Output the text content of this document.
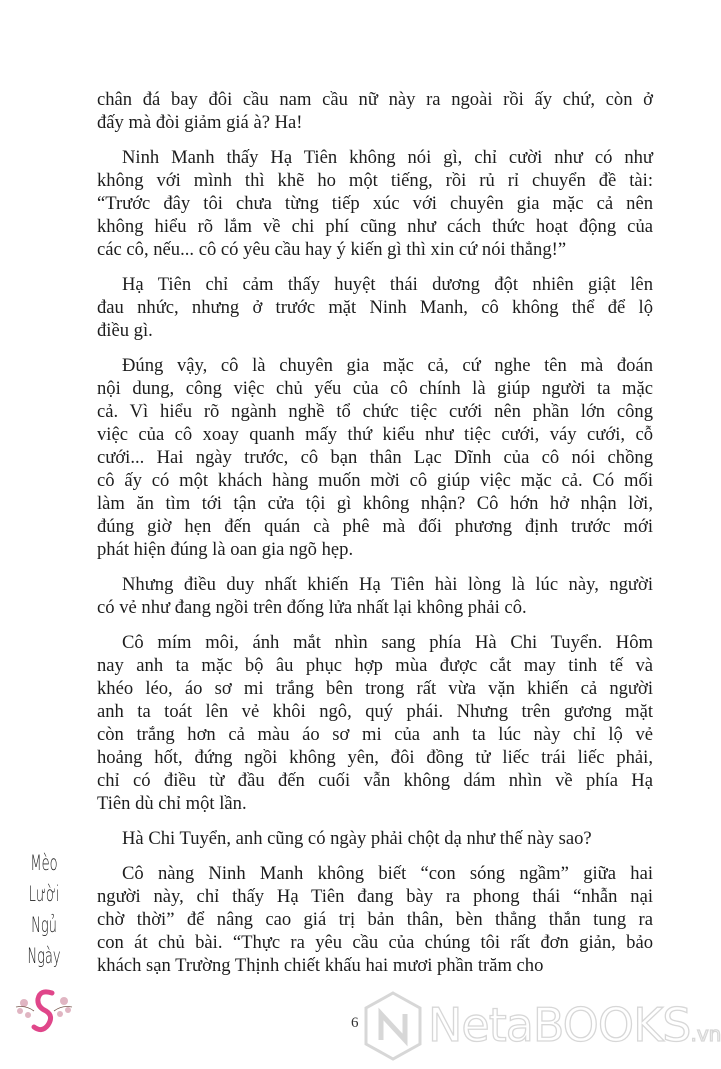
chân đá bay đôi cầu nam cầu nữ này ra ngoài rồi ấy chứ, còn ở
đấy mà đòi giảm giá à? Ha!
Ninh Manh thấy Hạ Tiên không nói gì, chỉ cười như có như
không với mình thì khẽ ho một tiếng, rồi rủ rỉ chuyển đề tài:
“Trước đây tôi chưa từng tiếp xúc với chuyên gia mặc cả nên
không hiểu rõ lắm về chi phí cũng như cách thức hoạt động của
các cô, nếu... cô có yêu cầu hay ý kiến gì thì xin cứ nói thẳng!”
Hạ Tiên chỉ cảm thấy huyệt thái dương đột nhiên giật lên
đau nhức, nhưng ở trước mặt Ninh Manh, cô không thể để lộ
điều gì.
Đúng vậy, cô là chuyên gia mặc cả, cứ nghe tên mà đoán
nội dung, công việc chủ yếu của cô chính là giúp người ta mặc
cả. Vì hiểu rõ ngành nghề tổ chức tiệc cưới nên phần lớn công
việc của cô xoay quanh mấy thứ kiểu như tiệc cưới, váy cưới, cỗ
cưới... Hai ngày trước, cô bạn thân Lạc Dĩnh của cô nói chồng
cô ấy có một khách hàng muốn mời cô giúp việc mặc cả. Có mối
làm ăn tìm tới tận cửa tội gì không nhận? Cô hớn hở nhận lời,
đúng giờ hẹn đến quán cà phê mà đối phương định trước mới
phát hiện đúng là oan gia ngõ hẹp.
Nhưng điều duy nhất khiến Hạ Tiên hài lòng là lúc này, người
có vẻ như đang ngồi trên đống lửa nhất lại không phải cô.
Cô mím môi, ánh mắt nhìn sang phía Hà Chi Tuyển. Hôm
nay anh ta mặc bộ âu phục hợp mùa được cắt may tinh tế và
khéo léo, áo sơ mi trắng bên trong rất vừa vặn khiến cả người
anh ta toát lên vẻ khôi ngô, quý phái. Nhưng trên gương mặt
còn trắng hơn cả màu áo sơ mi của anh ta lúc này chỉ lộ vẻ
hoảng hốt, đứng ngồi không yên, đôi đồng tử liếc trái liếc phải,
chỉ có điều từ đầu đến cuối vẫn không dám nhìn về phía Hạ
Tiên dù chỉ một lần.
Hà Chi Tuyển, anh cũng có ngày phải chột dạ như thế này sao?
Cô nàng Ninh Manh không biết “con sóng ngầm” giữa hai
người này, chỉ thấy Hạ Tiên đang bày ra phong thái “nhẫn nại
chờ thời” để nâng cao giá trị bản thân, bèn thẳng thắn tung ra
con át chủ bài. “Thực ra yêu cầu của chúng tôi rất đơn giản, bảo
khách sạn Trường Thịnh chiết khấu hai mươi phần trăm cho
Mèo
Lười
Ngủ
Ngày
6 NetaBOOKS.vn
